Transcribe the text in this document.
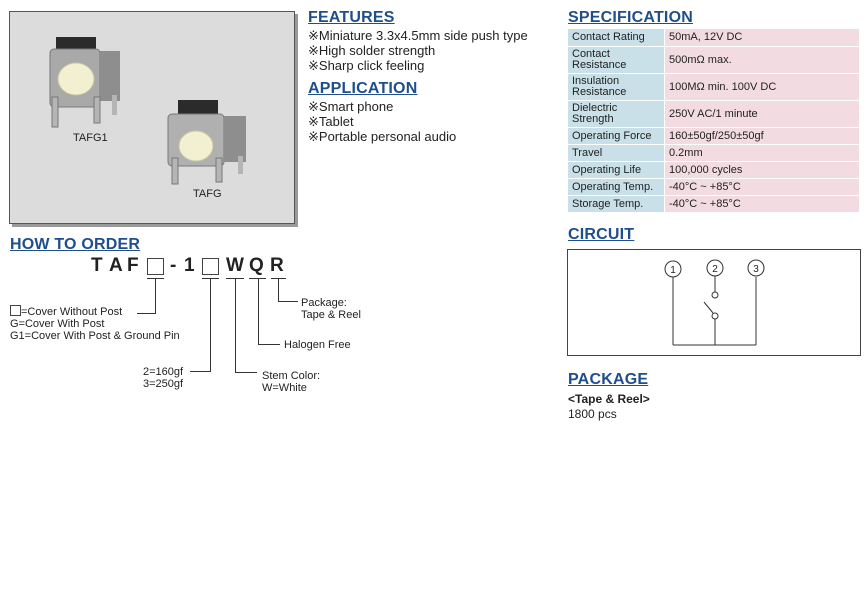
TAFG1
TAFG
FEATURES
※Miniature 3.3x4.5mm side push type
※High solder strength
※Sharp click feeling
APPLICATION
※Smart phone
※Tablet
※Portable personal audio
SPECIFICATION
Contact Rating	50mA, 12V DC
Contact Resistance	500mΩ max.
Insulation Resistance	100MΩ min. 100V DC
Dielectric Strength	250V AC/1 minute
Operating Force	160±50gf/250±50gf
Travel	0.2mm
Operating Life	100,000 cycles
Operating Temp.	-40°C ~ +85°C
Storage Temp.	-40°C ~ +85°C
HOW TO ORDER
T A F - 1 W Q R
=Cover Without Post
G=Cover With Post
G1=Cover With Post & Ground Pin
2=160gf
3=250gf
Stem Color:
W=White
Halogen Free
Package:
Tape & Reel
CIRCUIT
1	2	3
PACKAGE
<Tape & Reel>
1800 pcs
